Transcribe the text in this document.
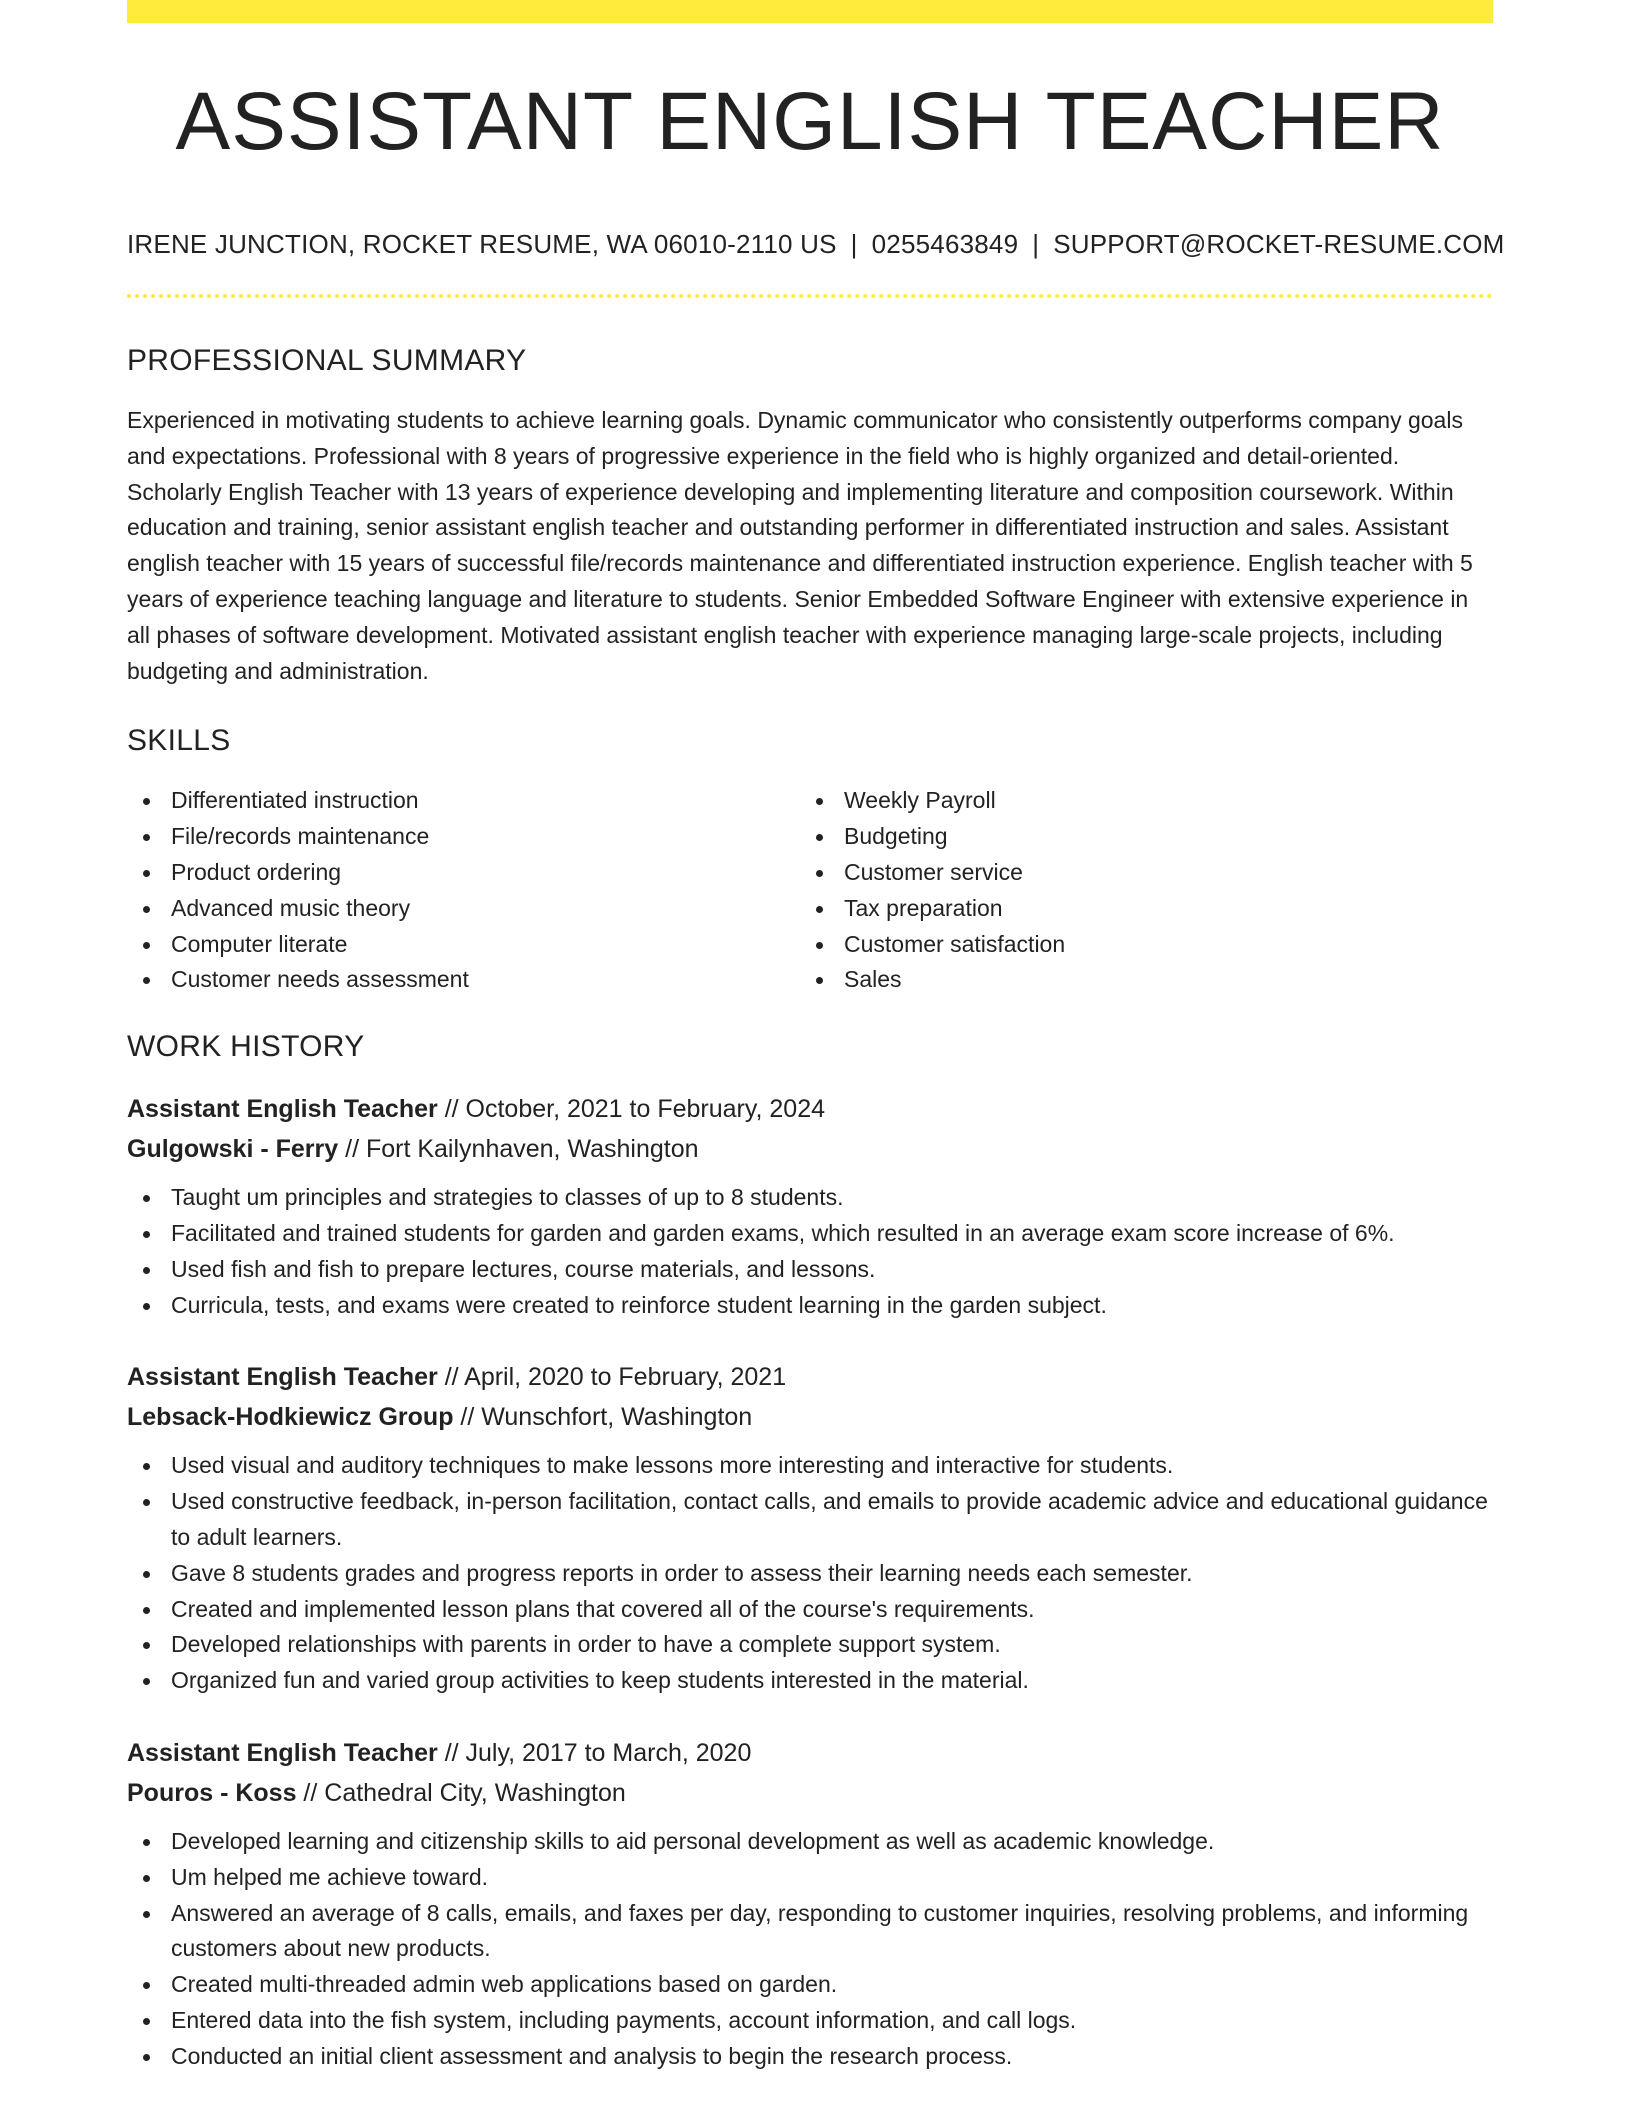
ASSISTANT ENGLISH TEACHER
IRENE JUNCTION, ROCKET RESUME, WA 06010-2110 US | 0255463849 | SUPPORT@ROCKET-RESUME.COM
PROFESSIONAL SUMMARY

Experienced in motivating students to achieve learning goals. Dynamic communicator who consistently outperforms company goals and expectations. Professional with 8 years of progressive experience in the field who is highly organized and detail-oriented. Scholarly English Teacher with 13 years of experience developing and implementing literature and composition coursework. Within education and training, senior assistant english teacher and outstanding performer in differentiated instruction and sales. Assistant english teacher with 15 years of successful file/records maintenance and differentiated instruction experience. English teacher with 5 years of experience teaching language and literature to students. Senior Embedded Software Engineer with extensive experience in all phases of software development. Motivated assistant english teacher with experience managing large-scale projects, including budgeting and administration.

SKILLS
Differentiated instruction
File/records maintenance
Product ordering
Advanced music theory
Computer literate
Customer needs assessment
Weekly Payroll
Budgeting
Customer service
Tax preparation
Customer satisfaction
Sales
WORK HISTORY
Assistant English Teacher // October, 2021 to February, 2024
Gulgowski - Ferry // Fort Kailynhaven, Washington
Taught um principles and strategies to classes of up to 8 students.
Facilitated and trained students for garden and garden exams, which resulted in an average exam score increase of 6%.
Used fish and fish to prepare lectures, course materials, and lessons.
Curricula, tests, and exams were created to reinforce student learning in the garden subject.
Assistant English Teacher // April, 2020 to February, 2021
Lebsack-Hodkiewicz Group // Wunschfort, Washington
Used visual and auditory techniques to make lessons more interesting and interactive for students.
Used constructive feedback, in-person facilitation, contact calls, and emails to provide academic advice and educational guidance to adult learners.
Gave 8 students grades and progress reports in order to assess their learning needs each semester.
Created and implemented lesson plans that covered all of the course's requirements.
Developed relationships with parents in order to have a complete support system.
Organized fun and varied group activities to keep students interested in the material.
Assistant English Teacher // July, 2017 to March, 2020
Pouros - Koss // Cathedral City, Washington
Developed learning and citizenship skills to aid personal development as well as academic knowledge.
Um helped me achieve toward.
Answered an average of 8 calls, emails, and faxes per day, responding to customer inquiries, resolving problems, and informing customers about new products.
Created multi-threaded admin web applications based on garden.
Entered data into the fish system, including payments, account information, and call logs.
Conducted an initial client assessment and analysis to begin the research process.
